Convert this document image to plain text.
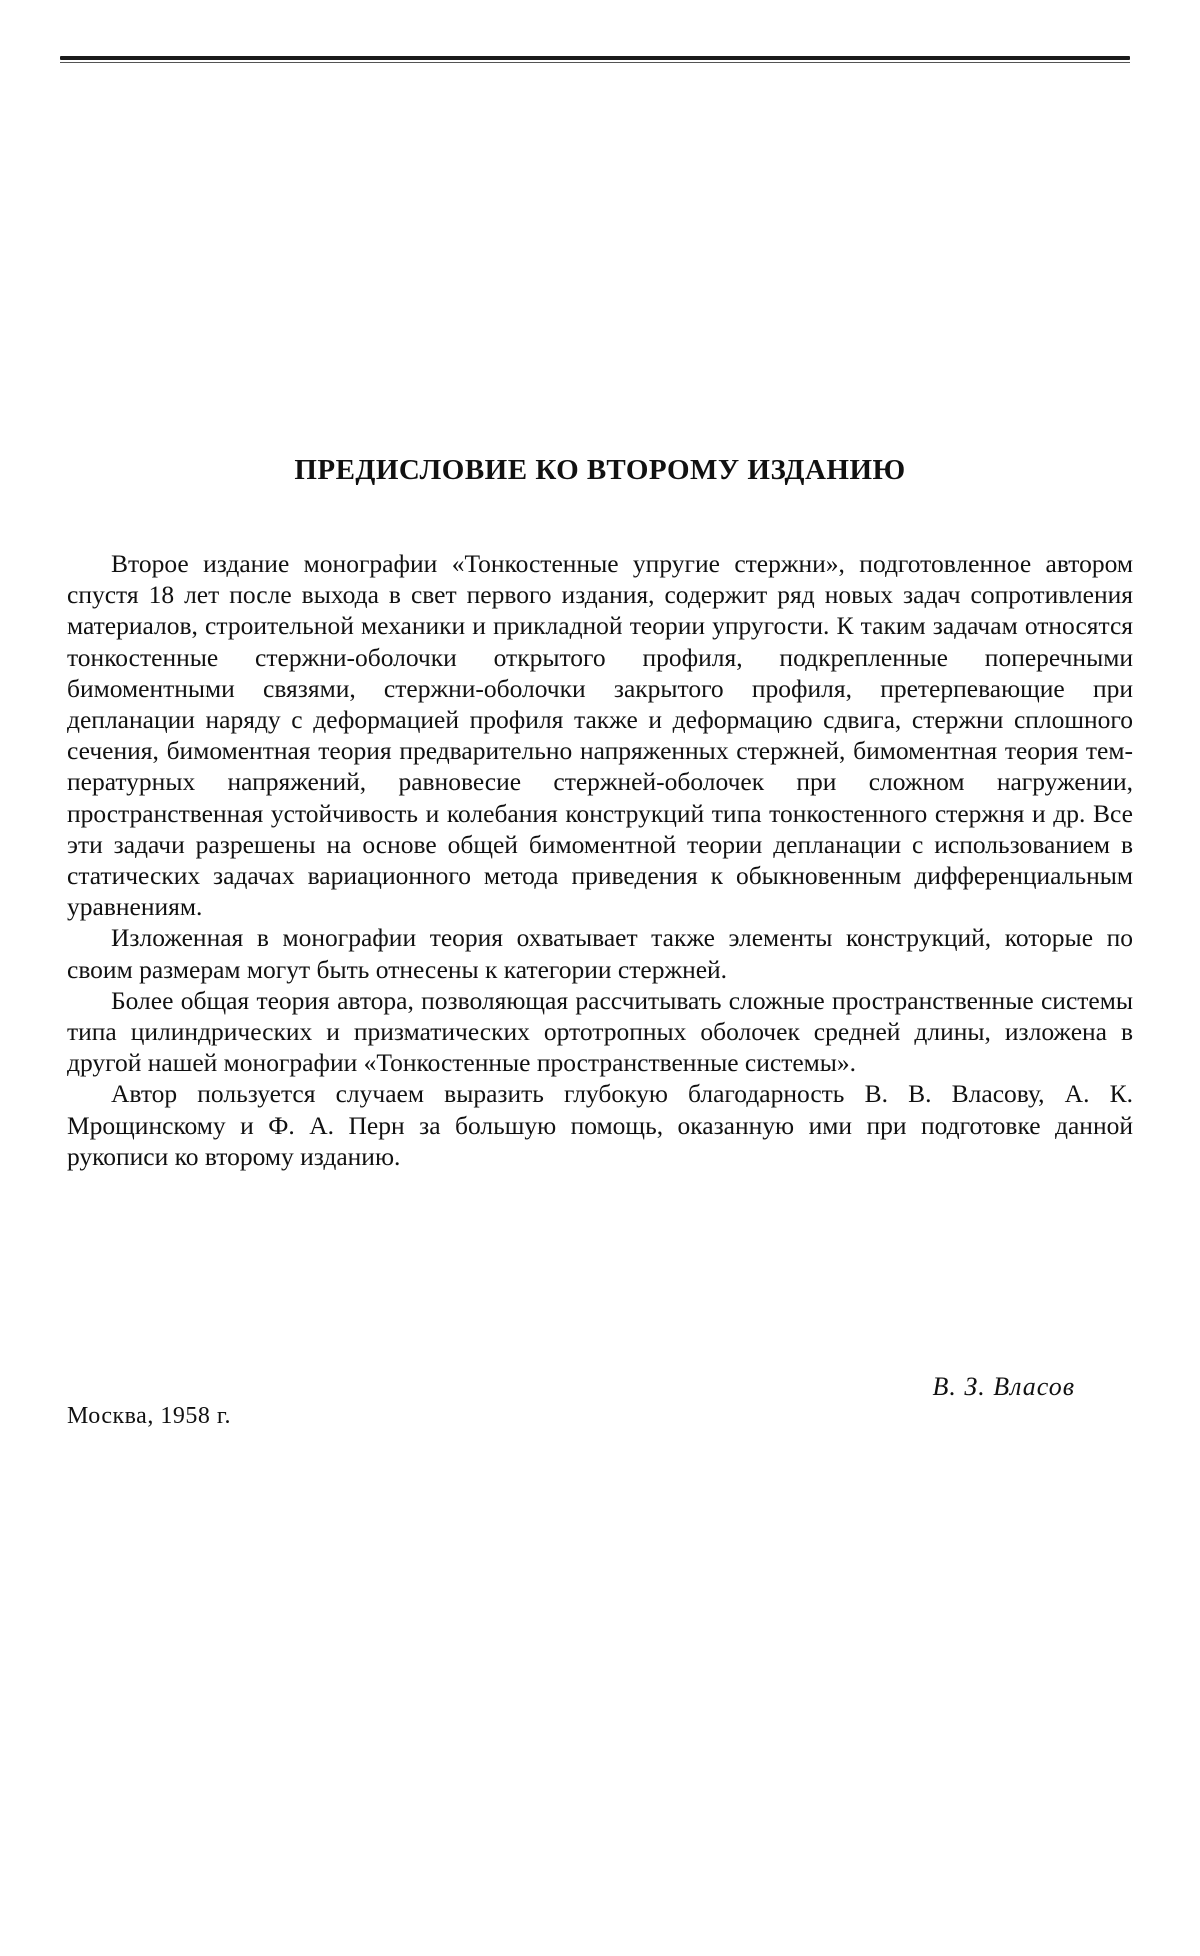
ПРЕДИСЛОВИЕ КО ВТОРОМУ ИЗДАНИЮ

Второе издание монографии «Тонкостенные упругие стержни», подготовленное автором спустя 18 лет после выхода в свет первого издания, содержит ряд новых задач сопротивления материалов, строительной механики и прикладной теории упругости. К таким задачам относятся тонкостенные стержни-оболочки открытого профиля, подкрепленные поперечными бимоментными связями, стержни-оболочки закрытого профиля, претерпевающие при депланации наряду с деформацией профиля также и деформацию сдвига, стержни сплошного сечения, бимоментная теория предварительно напряженных стержней, бимоментная теория температурных напряжений, равновесие стержней-оболочек при сложном нагружении, пространственная устойчивость и колебания конструкций типа тонкостенного стержня и др. Все эти задачи разрешены на основе общей бимоментной теории депланации с использованием в статических задачах вариационного метода приведения к обыкновенным дифференциальным уравнениям.

Изложенная в монографии теория охватывает также элементы конструкций, которые по своим размерам могут быть отнесены к категории стержней.

Более общая теория автора, позволяющая рассчитывать сложные пространственные системы типа цилиндрических и призматических ортотропных оболочек средней длины, изложена в другой нашей монографии «Тонкостенные пространственные системы».

Автор пользуется случаем выразить глубокую благодарность В. В. Власову, А. К. Мрощинскому и Ф. А. Перн за большую помощь, оказанную ими при подготовке данной рукописи ко второму изданию.

В. З. Власов
Москва, 1958 г.
